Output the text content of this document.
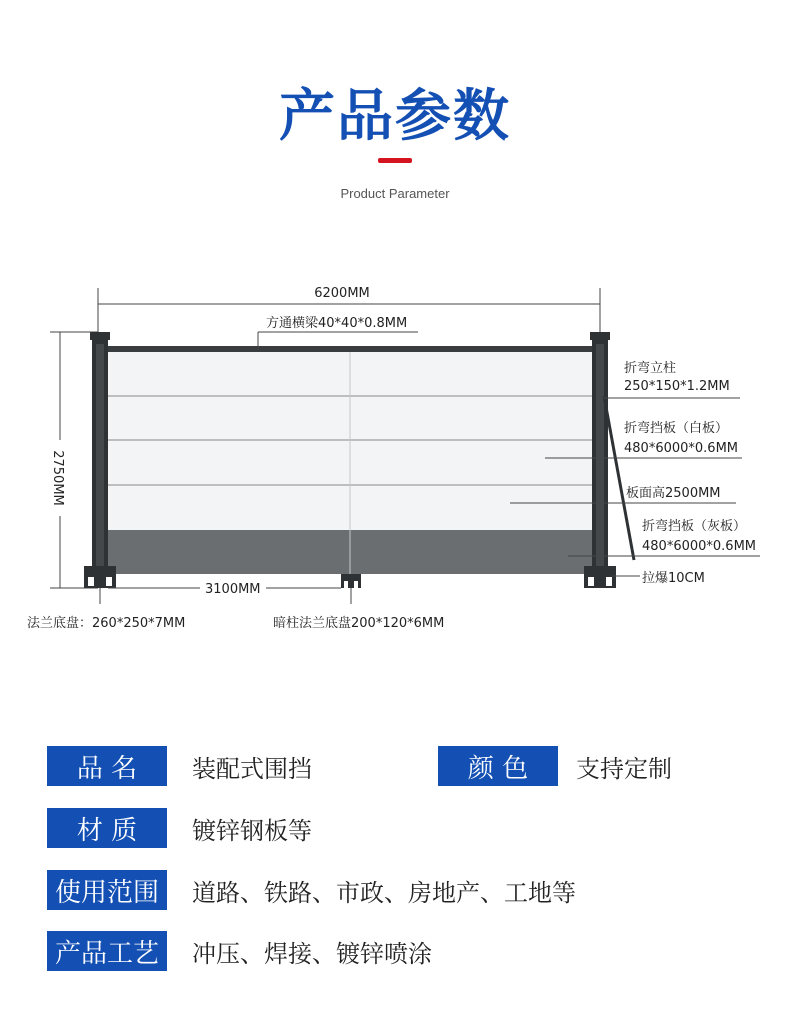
产品参数
Product Parameter
6200MM
2750MM
方通横梁40*40*0.8MM
折弯立柱
250*150*1.2MM
折弯挡板（白板）
480*6000*0.6MM
板面高2500MM
折弯挡板（灰板）
480*6000*0.6MM
拉爆10CM
3100MM
法兰底盘：260*250*7MM	暗柱法兰底盘200*120*6MM
品 名	装配式围挡	颜 色	支持定制
材 质	镀锌钢板等
使用范围	道路、铁路、市政、房地产、工地等
产品工艺	冲压、焊接、镀锌喷涂
